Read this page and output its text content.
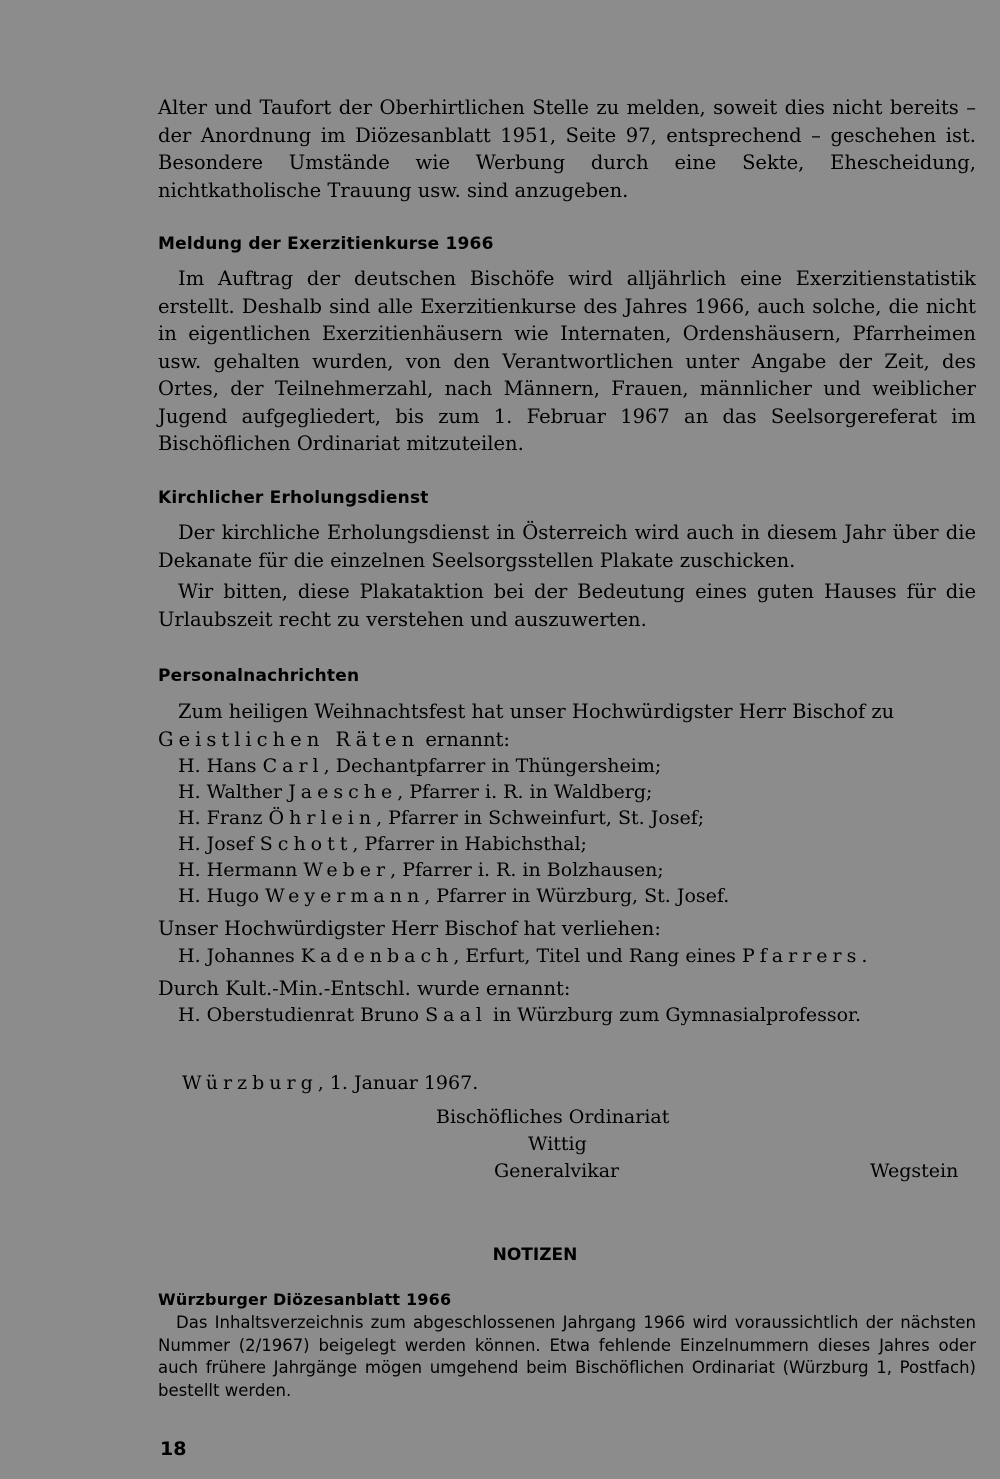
Alter und Taufort der Oberhirtlichen Stelle zu melden, soweit dies nicht bereits – der Anordnung im Diözesanblatt 1951, Seite 97, entsprechend – geschehen ist. Besondere Umstände wie Werbung durch eine Sekte, Ehescheidung, nichtkatholische Trauung usw. sind anzugeben.

Meldung der Exerzitienkurse 1966

Im Auftrag der deutschen Bischöfe wird alljährlich eine Exerzitienstatistik erstellt. Deshalb sind alle Exerzitienkurse des Jahres 1966, auch solche, die nicht in eigentlichen Exerzitienhäusern wie Internaten, Ordenshäusern, Pfarrheimen usw. gehalten wurden, von den Verantwortlichen unter Angabe der Zeit, des Ortes, der Teilnehmerzahl, nach Männern, Frauen, männlicher und weiblicher Jugend aufgegliedert, bis zum 1. Februar 1967 an das Seelsorgereferat im Bischöflichen Ordinariat mitzuteilen.

Kirchlicher Erholungsdienst

Der kirchliche Erholungsdienst in Österreich wird auch in diesem Jahr über die Dekanate für die einzelnen Seelsorgsstellen Plakate zuschicken.

Wir bitten, diese Plakataktion bei der Bedeutung eines guten Hauses für die Urlaubszeit recht zu verstehen und auszuwerten.

Personalnachrichten

Zum heiligen Weihnachtsfest hat unser Hochwürdigster Herr Bischof zu Geistlichen Räten ernannt:

H. Hans Carl, Dechantpfarrer in Thüngersheim;
H. Walther Jaesche, Pfarrer i. R. in Waldberg;
H. Franz Öhrlein, Pfarrer in Schweinfurt, St. Josef;
H. Josef Schott, Pfarrer in Habichsthal;
H. Hermann Weber, Pfarrer i. R. in Bolzhausen;
H. Hugo Weyermann, Pfarrer in Würzburg, St. Josef.

Unser Hochwürdigster Herr Bischof hat verliehen:

H. Johannes Kadenbach, Erfurt, Titel und Rang eines Pfarrers.

Durch Kult.-Min.-Entschl. wurde ernannt:

H. Oberstudienrat Bruno Saal in Würzburg zum Gymnasialprofessor.
Würzburg, 1. Januar 1967.
Bischöfliches Ordinariat
Wittig
Generalvikar	Wegstein
NOTIZEN

Würzburger Diözesanblatt 1966

Das Inhaltsverzeichnis zum abgeschlossenen Jahrgang 1966 wird voraussichtlich der nächsten Nummer (2/1967) beigelegt werden können. Etwa fehlende Einzelnummern dieses Jahres oder auch frühere Jahrgänge mögen umgehend beim Bischöflichen Ordinariat (Würzburg 1, Postfach) bestellt werden.

18
